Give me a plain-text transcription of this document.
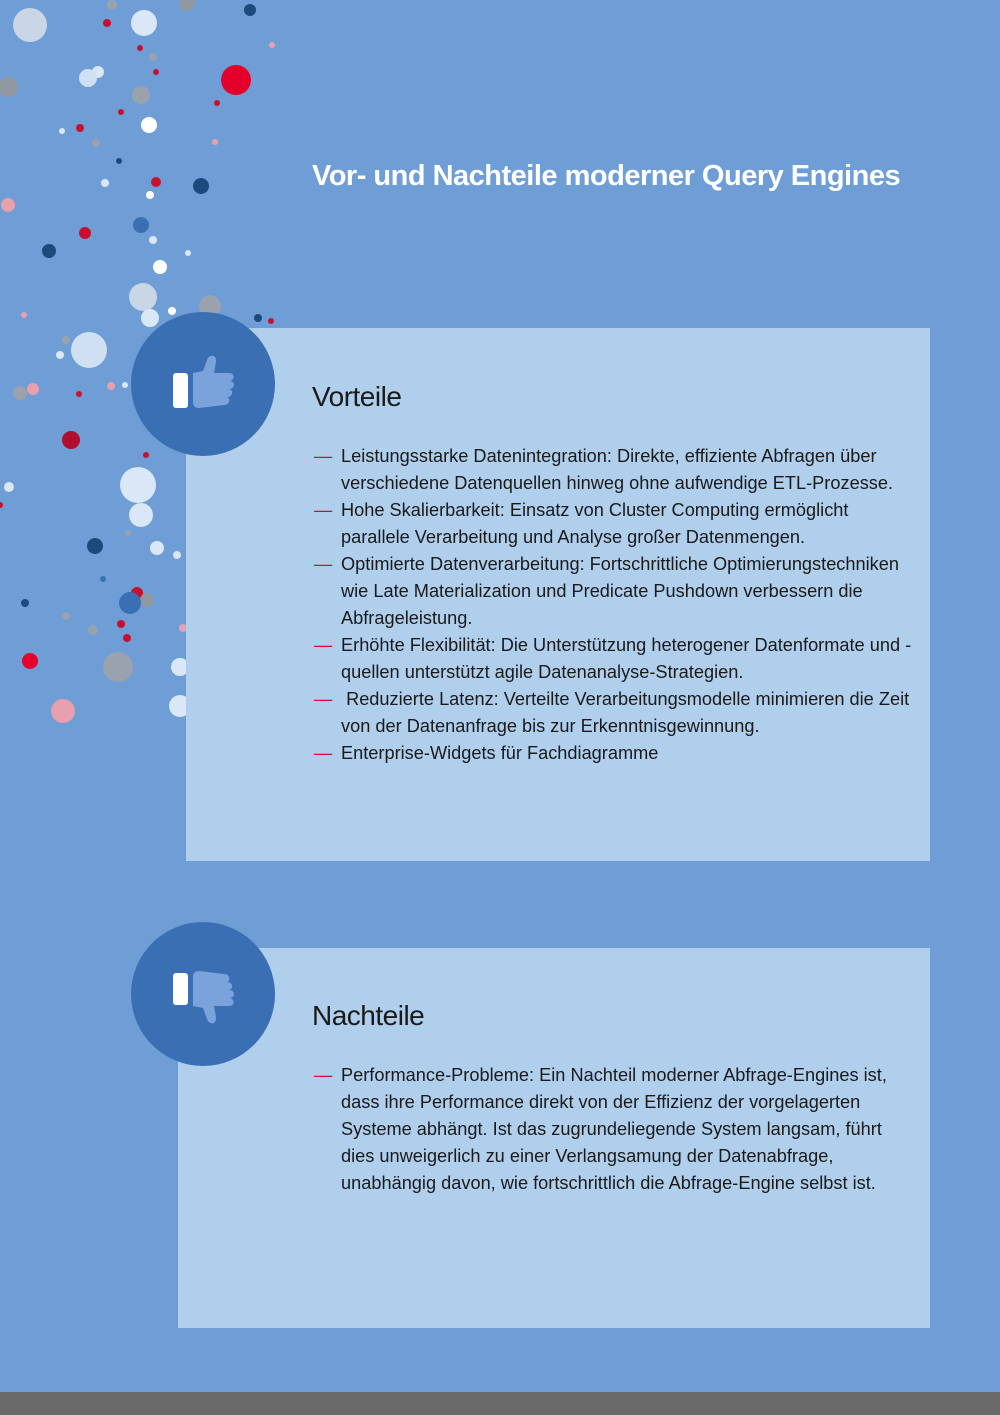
Vor- und Nachteile moderner Query Engines
Vorteile
— Leistungsstarke Datenintegration: Direkte, effiziente Abfragen über verschiedene Datenquellen hinweg ohne aufwendige ETL-Prozesse.
— Hohe Skalierbarkeit: Einsatz von Cluster Computing ermöglicht parallele Verarbeitung und Analyse großer Datenmengen.
— Optimierte Datenverarbeitung: Fortschrittliche Optimierungstechniken wie Late Materialization und Predicate Pushdown verbessern die Abfrageleistung.
— Erhöhte Flexibilität: Die Unterstützung heterogener Datenformate und -quellen unterstützt agile Datenanalyse-Strategien.
— Reduzierte Latenz: Verteilte Verarbeitungsmodelle minimieren die Zeit von der Datenanfrage bis zur Erkenntnisgewinnung.
— Enterprise-Widgets für Fachdiagramme
Nachteile
— Performance-Probleme: Ein Nachteil moderner Abfrage-Engines ist, dass ihre Performance direkt von der Effizienz der vorgelagerten Systeme abhängt. Ist das zugrundeliegende System langsam, führt dies unweigerlich zu einer Verlangsamung der Datenabfrage, unabhängig davon, wie fortschrittlich die Abfrage-Engine selbst ist.
